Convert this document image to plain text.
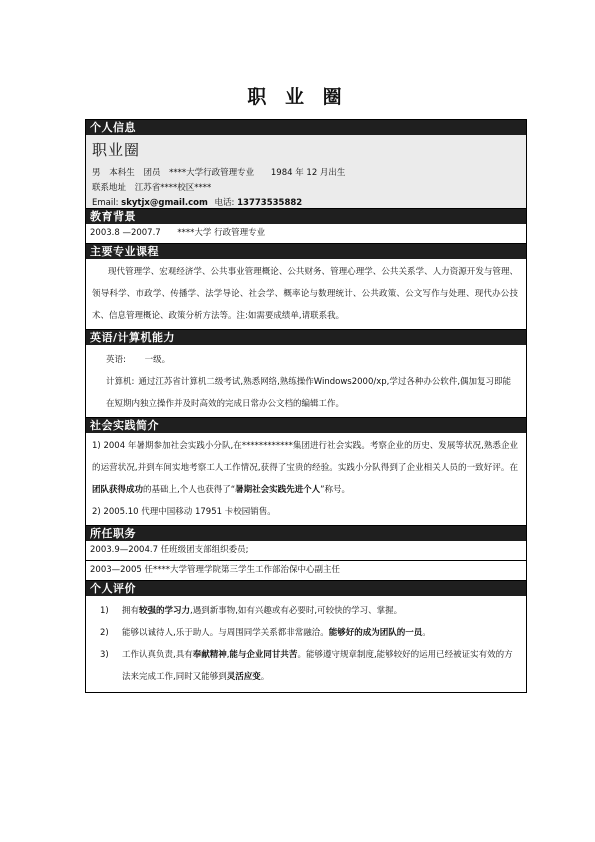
职 业 圈
个人信息
职业圈
男 本科生 团员 ****大学行政管理专业 1984 年 12 月出生
联系地址 江苏省****校区****
Email: skytjx@gmail.com 电话: 13773535882
教育背景
2003.8 —2007.7 ****大学 行政管理专业
主要专业课程
现代管理学、宏观经济学、公共事业管理概论、公共财务、管理心理学、公共关系学、人力资源开发与管理、领导科学、市政学、传播学、法学导论、社会学、概率论与数理统计、公共政策、公文写作与处理、现代办公技术、信息管理概论、政策分析方法等。注:如需要成绩单,请联系我。
英语/计算机能力
英语: 一级。
计算机: 通过江苏省计算机二级考试,熟悉网络,熟练操作Windows2000/xp,学过各种办公软件,偶加复习即能在短期内独立操作并及时高效的完成日常办公文档的编辑工作。
社会实践简介
1) 2004 年暑期参加社会实践小分队,在************集团进行社会实践。考察企业的历史、发展等状况,熟悉企业的运营状况,并到车间实地考察工人工作情况,获得了宝贵的经验。实践小分队得到了企业相关人员的一致好评。在团队获得成功的基础上,个人也获得了“暑期社会实践先进个人”称号。
2) 2005.10 代理中国移动 17951 卡校园销售。
所任职务
2003.9—2004.7 任班级团支部组织委员;
2003—2005 任****大学管理学院第三学生工作部治保中心副主任
个人评价
1)	拥有较强的学习力,遇到新事物,如有兴趣或有必要时,可较快的学习、掌握。
2)	能够以诚待人,乐于助人。与周围同学关系都非常融洽。能够好的成为团队的一员。
3)	工作认真负责,具有奉献精神,能与企业同甘共苦。能够遵守规章制度,能够较好的运用已经被证实有效的方法来完成工作,同时又能够到灵活应变。
